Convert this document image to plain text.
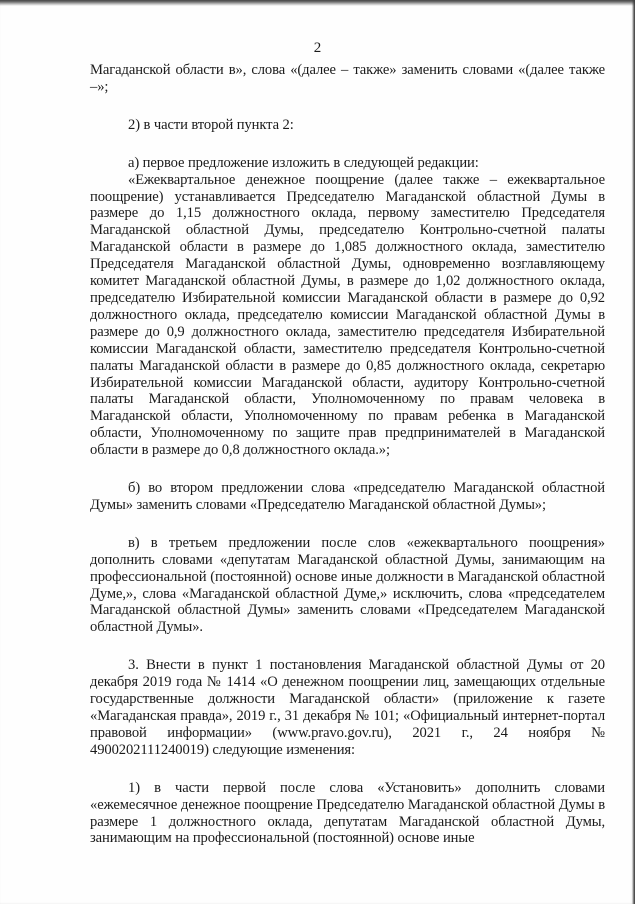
2

Магаданской области в», слова «(далее – также» заменить словами «(далее также –»;

2) в части второй пункта 2:

а) первое предложение изложить в следующей редакции:

«Ежеквартальное денежное поощрение (далее также – ежеквартальное поощрение) устанавливается Председателю Магаданской областной Думы в размере до 1,15 должностного оклада, первому заместителю Председателя Магаданской областной Думы, председателю Контрольно-счетной палаты Магаданской области в размере до 1,085 должностного оклада, заместителю Председателя Магаданской областной Думы, одновременно возглавляющему комитет Магаданской областной Думы, в размере до 1,02 должностного оклада, председателю Избирательной комиссии Магаданской области в размере до 0,92 должностного оклада, председателю комиссии Магаданской областной Думы в размере до 0,9 должностного оклада, заместителю председателя Избирательной комиссии Магаданской области, заместителю председателя Контрольно-счетной палаты Магаданской области в размере до 0,85 должностного оклада, секретарю Избирательной комиссии Магаданской области, аудитору Контрольно-счетной палаты Магаданской области, Уполномоченному по правам человека в Магаданской области, Уполномоченному по правам ребенка в Магаданской области, Уполномоченному по защите прав предпринимателей в Магаданской области в размере до 0,8 должностного оклада.»;

б) во втором предложении слова «председателю Магаданской областной Думы» заменить словами «Председателю Магаданской областной Думы»;

в) в третьем предложении после слов «ежеквартального поощрения» дополнить словами «депутатам Магаданской областной Думы, занимающим на профессиональной (постоянной) основе иные должности в Магаданской областной Думе,», слова «Магаданской областной Думе,» исключить, слова «председателем Магаданской областной Думы» заменить словами «Председателем Магаданской областной Думы».

3. Внести в пункт 1 постановления Магаданской областной Думы от 20 декабря 2019 года № 1414 «О денежном поощрении лиц, замещающих отдельные государственные должности Магаданской области» (приложение к газете «Магаданская правда», 2019 г., 31 декабря № 101; «Официальный интернет-портал правовой информации» (www.pravo.gov.ru), 2021 г., 24 ноября № 4900202111240019) следующие изменения:

1) в части первой после слова «Установить» дополнить словами «ежемесячное денежное поощрение Председателю Магаданской областной Думы в размере 1 должностного оклада, депутатам Магаданской областной Думы, занимающим на профессиональной (постоянной) основе иные
